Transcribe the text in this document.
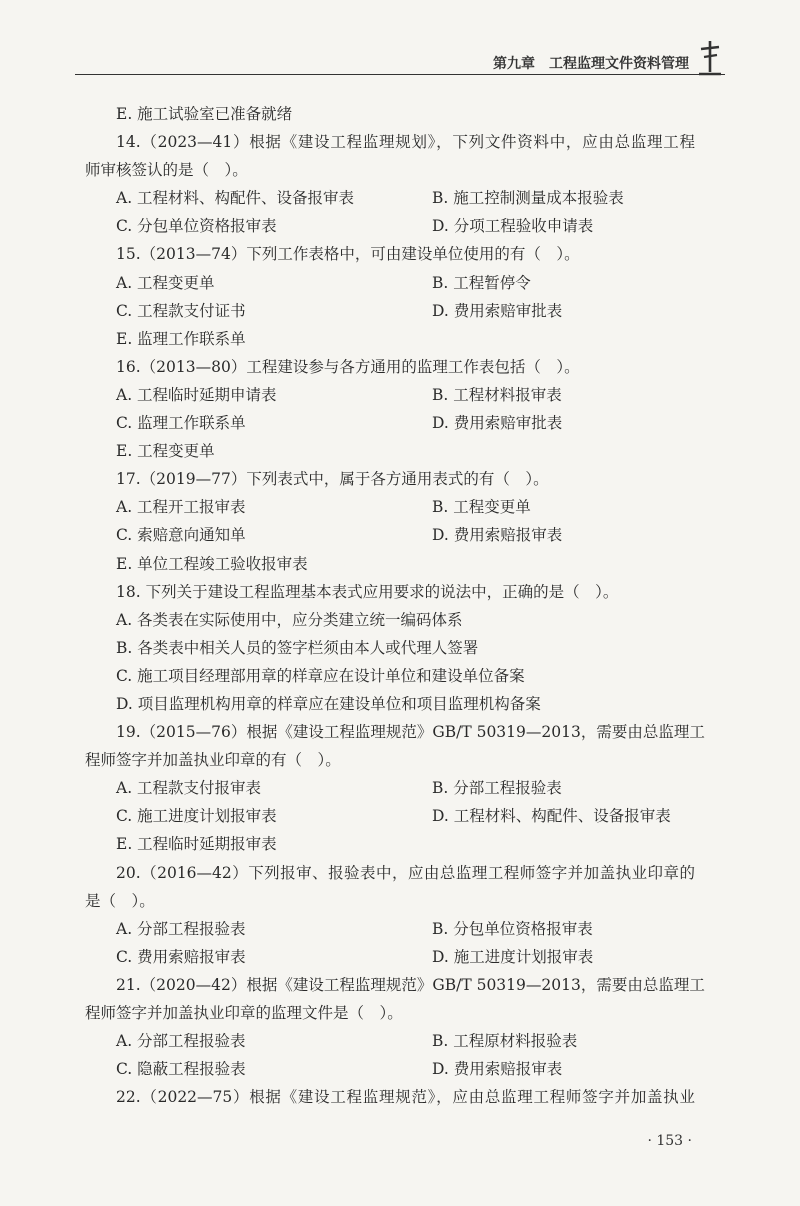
第九章 工程监理文件资料管理
E. 施工试验室已准备就绪
14.（2023—41）根据《建设工程监理规划》，下列文件资料中，应由总监理工程
师审核签认的是（　）。
A. 工程材料、构配件、设备报审表	B. 施工控制测量成本报验表
C. 分包单位资格报审表	D. 分项工程验收申请表
15.（2013—74）下列工作表格中，可由建设单位使用的有（　）。
A. 工程变更单	B. 工程暂停令
C. 工程款支付证书	D. 费用索赔审批表
E. 监理工作联系单
16.（2013—80）工程建设参与各方通用的监理工作表包括（　）。
A. 工程临时延期申请表	B. 工程材料报审表
C. 监理工作联系单	D. 费用索赔审批表
E. 工程变更单
17.（2019—77）下列表式中，属于各方通用表式的有（　）。
A. 工程开工报审表	B. 工程变更单
C. 索赔意向通知单	D. 费用索赔报审表
E. 单位工程竣工验收报审表
18. 下列关于建设工程监理基本表式应用要求的说法中，正确的是（　）。
A. 各类表在实际使用中，应分类建立统一编码体系
B. 各类表中相关人员的签字栏须由本人或代理人签署
C. 施工项目经理部用章的样章应在设计单位和建设单位备案
D. 项目监理机构用章的样章应在建设单位和项目监理机构备案
19.（2015—76）根据《建设工程监理规范》GB/T 50319—2013，需要由总监理工
程师签字并加盖执业印章的有（　）。
A. 工程款支付报审表	B. 分部工程报验表
C. 施工进度计划报审表	D. 工程材料、构配件、设备报审表
E. 工程临时延期报审表
20.（2016—42）下列报审、报验表中，应由总监理工程师签字并加盖执业印章的
是（　）。
A. 分部工程报验表	B. 分包单位资格报审表
C. 费用索赔报审表	D. 施工进度计划报审表
21.（2020—42）根据《建设工程监理规范》GB/T 50319—2013，需要由总监理工
程师签字并加盖执业印章的监理文件是（　）。
A. 分部工程报验表	B. 工程原材料报验表
C. 隐蔽工程报验表	D. 费用索赔报审表
22.（2022—75）根据《建设工程监理规范》，应由总监理工程师签字并加盖执业
· 153 ·
